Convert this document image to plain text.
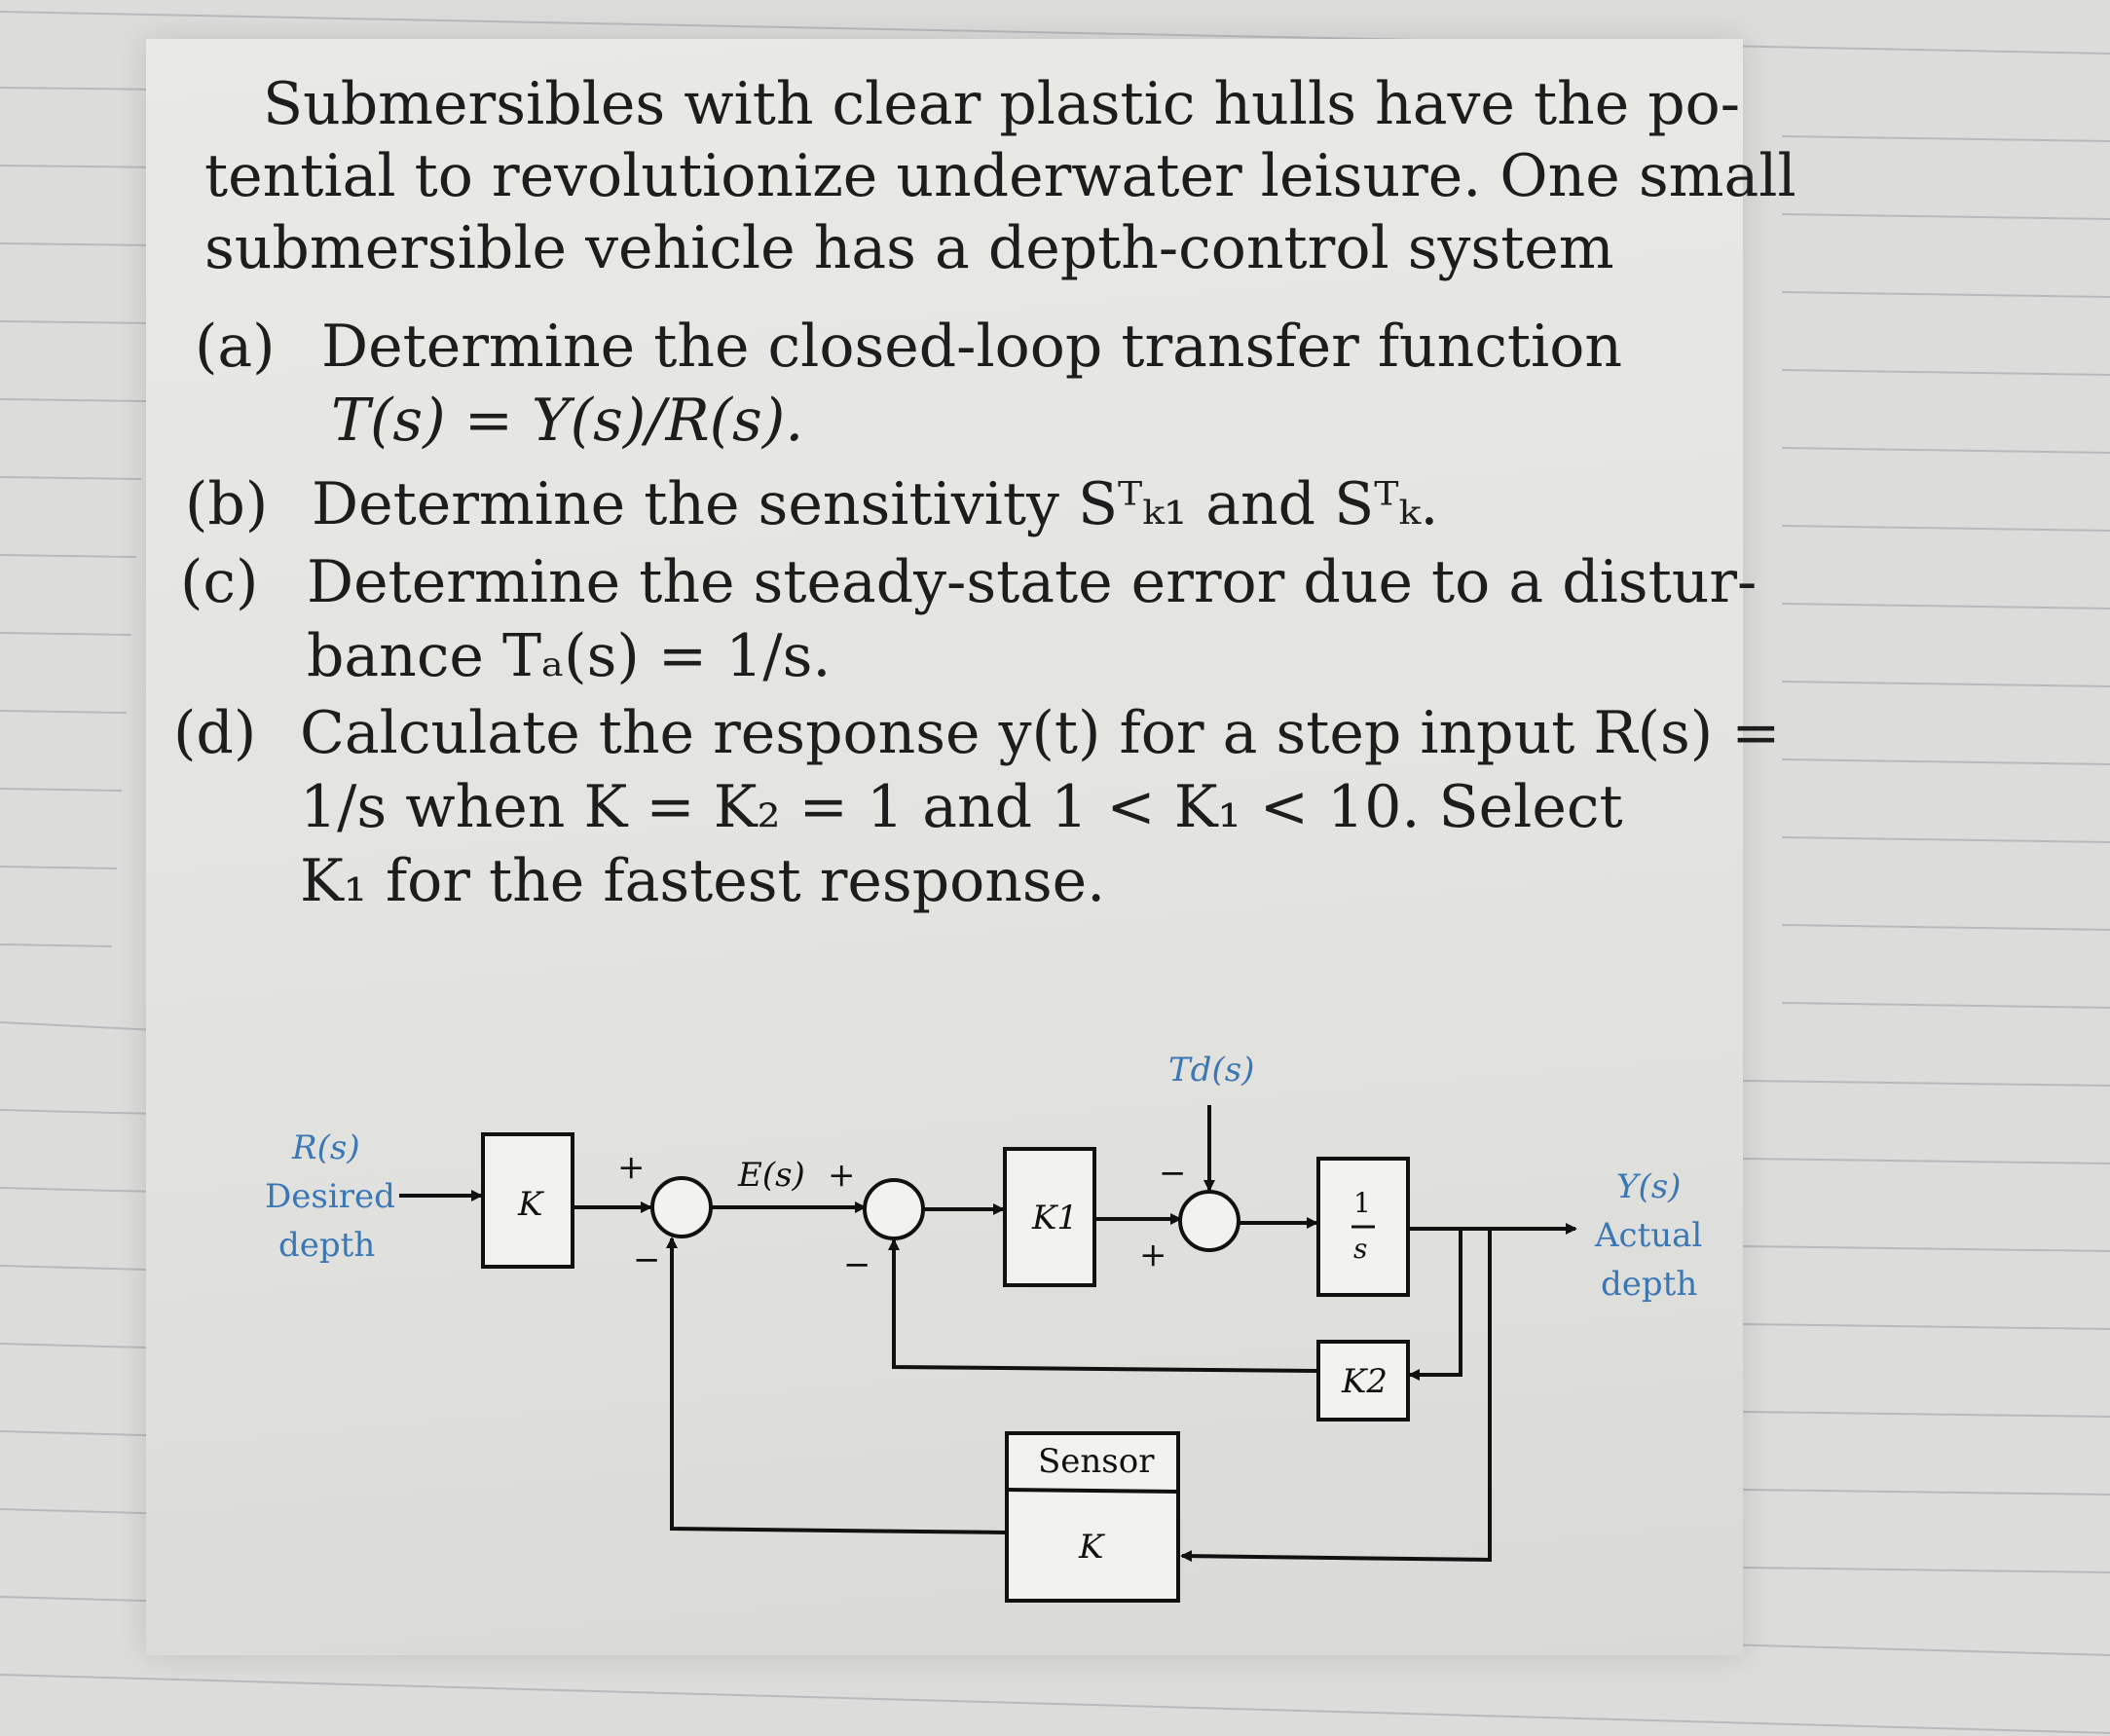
Submersibles with clear plastic hulls have the po-
tential to revolutionize underwater leisure. One small
submersible vehicle has a depth-control system
(a) Determine the closed-loop transfer function
T(s) = Y(s)/R(s).
(b) Determine the sensitivity Sᵀₖ₁ and Sᵀₖ.
(c) Determine the steady-state error due to a distur-
bance Tₐ(s) = 1/s.
(d) Calculate the response y(t) for a step input R(s) =
1/s when K = K₂ = 1 and 1 < K₁ < 10. Select
K₁ for the fastest response.
R(s)
Y(s)
Td(s)
Desired
depth	Actual
depth
K	K1	1
s
K2
Sensor
K
E(s)
+
−
+
−
−
+
